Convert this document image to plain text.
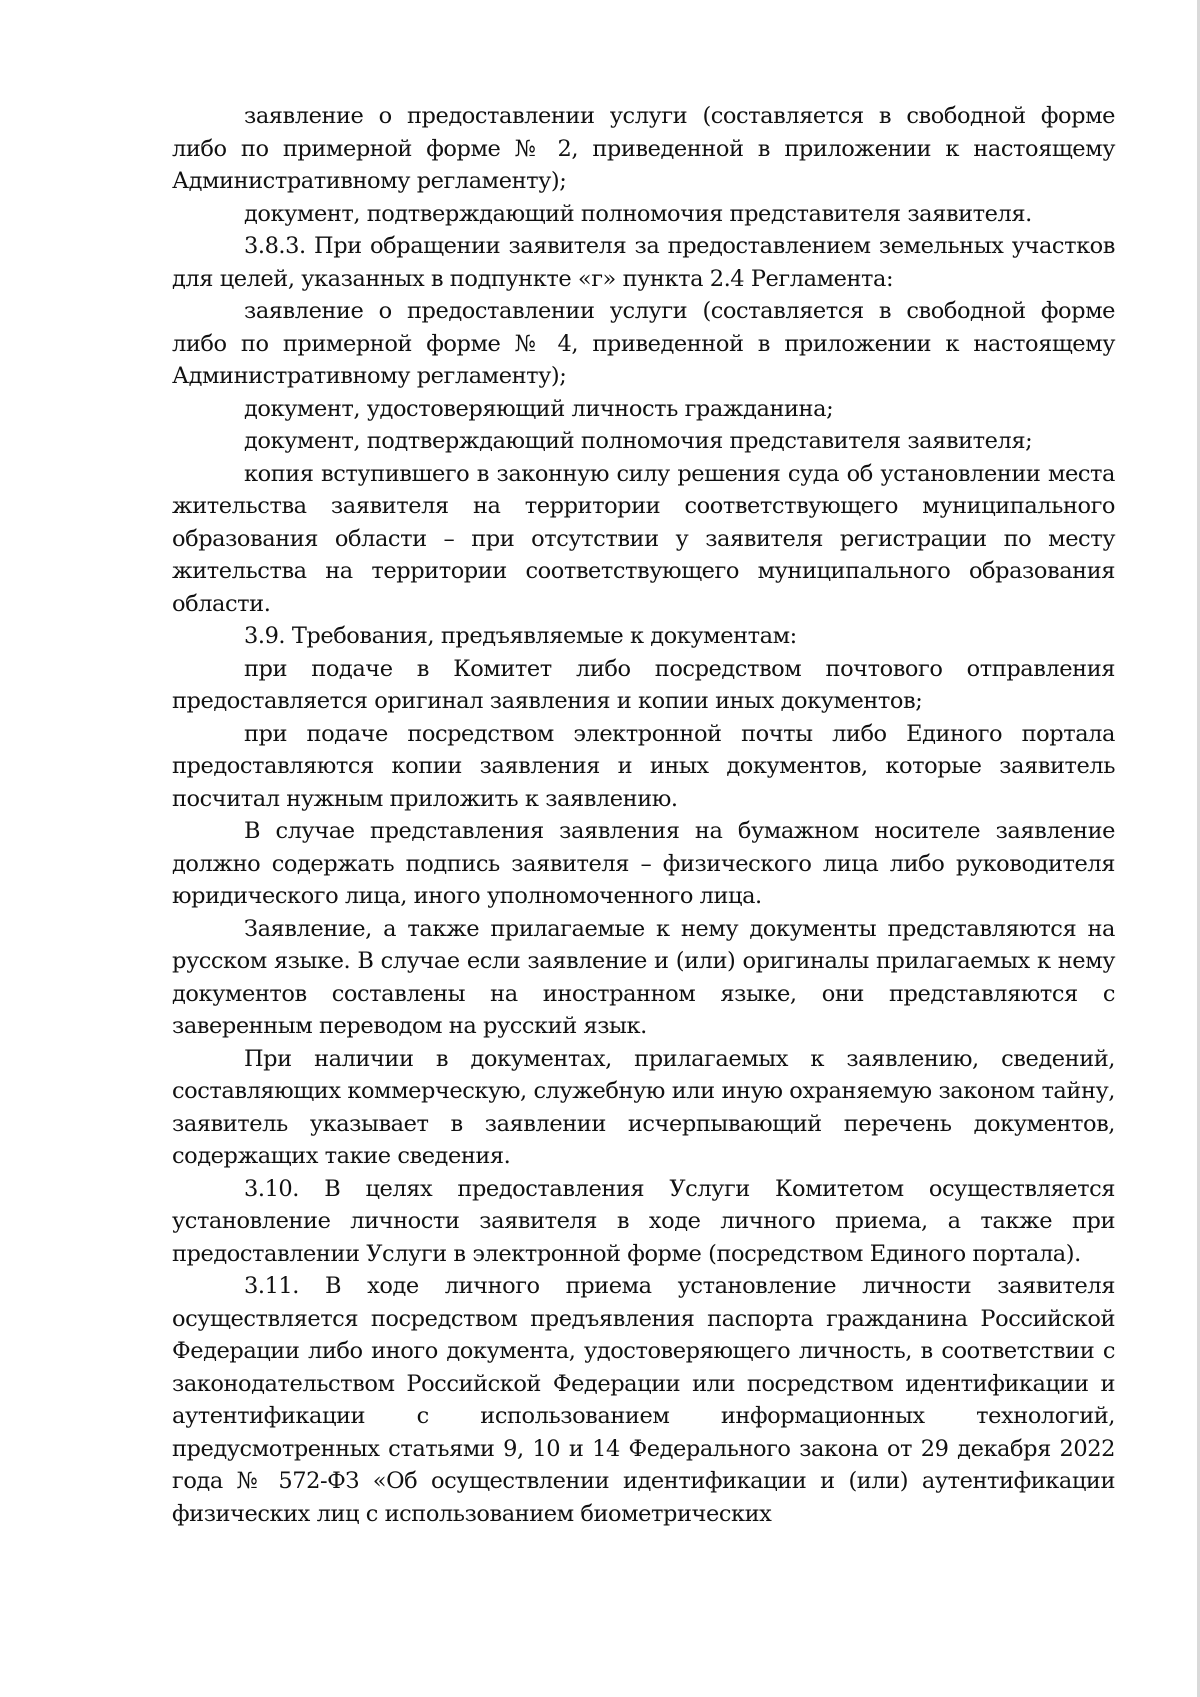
заявление о предоставлении услуги (составляется в свободной форме либо по примерной форме № 2, приведенной в приложении к настоящему Административному регламенту);

документ, подтверждающий полномочия представителя заявителя.

3.8.3. При обращении заявителя за предоставлением земельных участков для целей, указанных в подпункте «г» пункта 2.4 Регламента:

заявление о предоставлении услуги (составляется в свободной форме либо по примерной форме № 4, приведенной в приложении к настоящему Административному регламенту);

документ, удостоверяющий личность гражданина;

документ, подтверждающий полномочия представителя заявителя;

копия вступившего в законную силу решения суда об установлении места жительства заявителя на территории соответствующего муниципального образования области – при отсутствии у заявителя регистрации по месту жительства на территории соответствующего муниципального образования области.

3.9. Требования, предъявляемые к документам:

при подаче в Комитет либо посредством почтового отправления предоставляется оригинал заявления и копии иных документов;

при подаче посредством электронной почты либо Единого портала предоставляются копии заявления и иных документов, которые заявитель посчитал нужным приложить к заявлению.

В случае представления заявления на бумажном носителе заявление должно содержать подпись заявителя – физического лица либо руководителя юридического лица, иного уполномоченного лица.

Заявление, а также прилагаемые к нему документы представляются на русском языке. В случае если заявление и (или) оригиналы прилагаемых к нему документов составлены на иностранном языке, они представляются с заверенным переводом на русский язык.

При наличии в документах, прилагаемых к заявлению, сведений, составляющих коммерческую, служебную или иную охраняемую законом тайну, заявитель указывает в заявлении исчерпывающий перечень документов, содержащих такие сведения.

3.10. В целях предоставления Услуги Комитетом осуществляется установление личности заявителя в ходе личного приема, а также при предоставлении Услуги в электронной форме (посредством Единого портала).

3.11. В ходе личного приема установление личности заявителя осуществляется посредством предъявления паспорта гражданина Российской Федерации либо иного документа, удостоверяющего личность, в соответствии с законодательством Российской Федерации или посредством идентификации и аутентификации с использованием информационных технологий, предусмотренных статьями 9, 10 и 14 Федерального закона от 29 декабря 2022 года № 572-ФЗ «Об осуществлении идентификации и (или) аутентификации физических лиц с использованием биометрических
